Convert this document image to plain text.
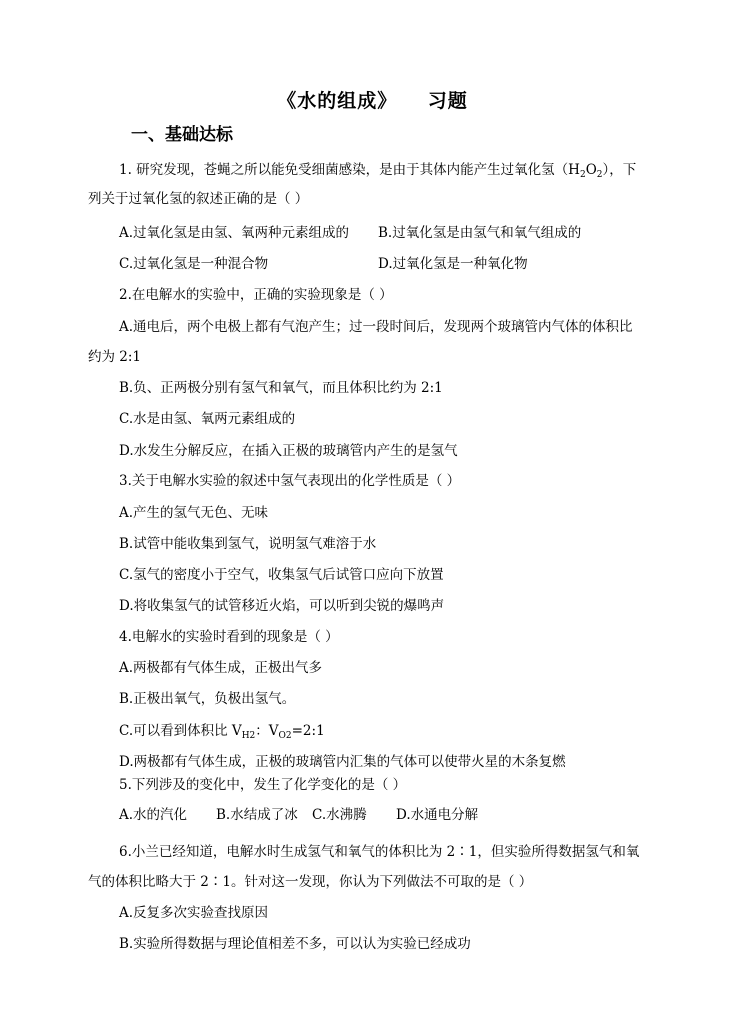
《水的组成》    习题
一、基础达标
1. 研究发现，苍蝇之所以能免受细菌感染，是由于其体内能产生过氧化氢$(H_2O_2)$，下
列关于过氧化氢的叙述正确的是（ ）
A.过氧化氢是由氢、氧两种元素组成的 B.过氧化氢是由氢气和氧气组成的
C.过氧化氢是一种混合物	D.过氧化氢是一种氧化物
2.在电解水的实验中，正确的实验现象是（ ）
A.通电后，两个电极上都有气泡产生；过一段时间后，发现两个玻璃管内气体的体积比
约为 2:1
B.负、正两极分别有氢气和氧气，而且体积比约为 2:1
C.水是由氢、氧两元素组成的
D.水发生分解反应，在插入正极的玻璃管内产生的是氢气
3.关于电解水实验的叙述中氢气表现出的化学性质是（ ）
A.产生的氢气无色、无味
B.试管中能收集到氢气，说明氢气难溶于水
C.氢气的密度小于空气，收集氢气后试管口应向下放置
D.将收集氢气的试管移近火焰，可以听到尖锐的爆鸣声
4.电解水的实验时看到的现象是（ ）
A.两极都有气体生成，正极出气多
B.正极出氧气，负极出氢气。
C.可以看到体积比 $V_{H2}$：$V_{O2}=2:1$
D.两极都有气体生成，正极的玻璃管内汇集的气体可以使带火星的木条复燃
5.下列涉及的变化中，发生了化学变化的是（ ）
A.水的汽化 B.水结成了冰 C.水沸腾 D.水通电分解
6.小兰已经知道，电解水时生成氢气和氧气的体积比为 2∶1，但实验所得数据氢气和氧
气的体积比略大于 2∶1。针对这一发现，你认为下列做法不可取的是（ ）
A.反复多次实验查找原因
B.实验所得数据与理论值相差不多，可以认为实验已经成功
